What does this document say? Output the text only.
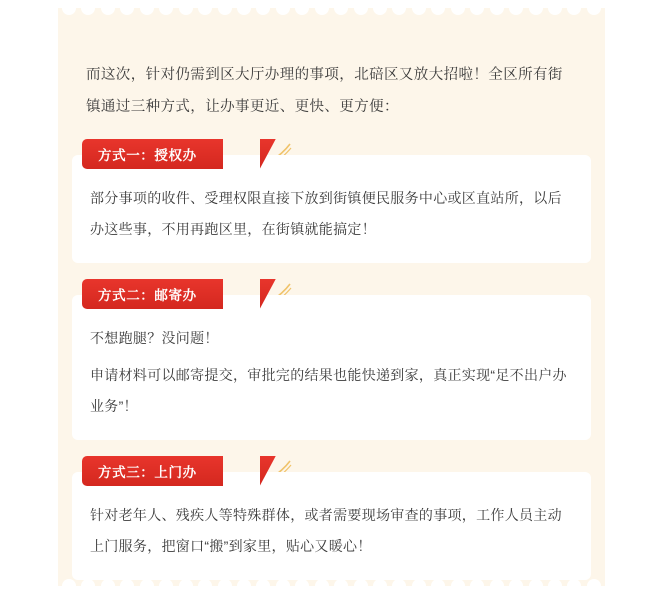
而这次，针对仍需到区大厅办理的事项，北碚区又放大招啦！全区所有街镇通过三种方式，让办事更近、更快、更方便：

方式一：授权办

部分事项的收件、受理权限直接下放到街镇便民服务中心或区直站所，以后办这些事，不用再跑区里，在街镇就能搞定！

方式二：邮寄办

不想跑腿？没问题！

申请材料可以邮寄提交，审批完的结果也能快递到家，真正实现“足不出户办业务”！

方式三：上门办

针对老年人、残疾人等特殊群体，或者需要现场审查的事项，工作人员主动上门服务，把窗口“搬”到家里，贴心又暖心！
